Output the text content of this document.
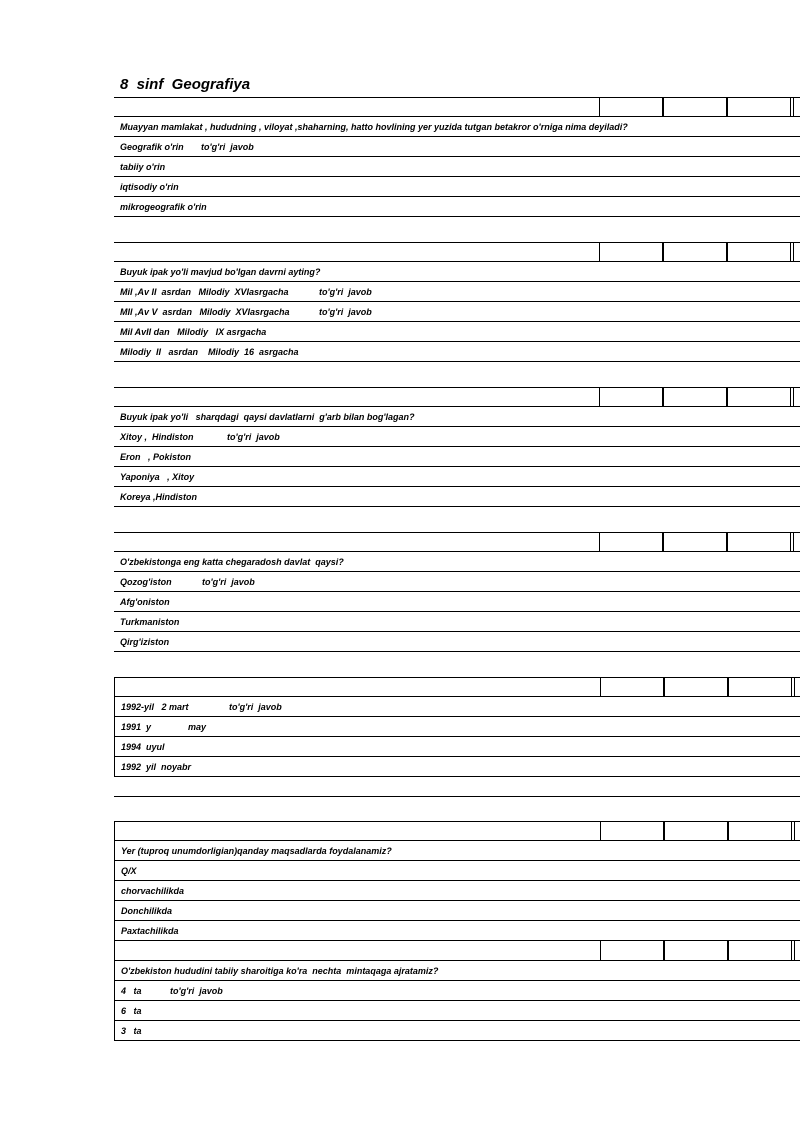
8  sinf  Geografiya

Muayyan mamlakat , hududning , viloyat ,shaharning, hatto hovlining yer yuzida tutgan betakror o'rniga nima deyiladi?
Geografik o'rin to'g'ri  javob
tabiiy o'rin
iqtisodiy o'rin
mikrogeografik o'rin

Buyuk ipak yo'li mavjud bo'lgan davrni ayting?
Mil ,Av II  asrdan   Milodiy  XVIasrgacha	to'g'ri  javob
MIl ,Av V  asrdan   Milodiy  XVIasrgacha	to'g'ri  javob
Mil AvII dan   Milodiy   IX asrgacha
Milodiy  II   asrdan    Milodiy  16  asrgacha

Buyuk ipak yo'li   sharqdagi  qaysi davlatlarni  g'arb bilan bog'lagan?
Xitoy ,  Hindiston	to'g'ri  javob
Eron   , Pokiston
Yaponiya   , Xitoy
Koreya ,Hindiston

O'zbekistonga eng katta chegaradosh davlat  qaysi?
Qozog'iston	to'g'ri  javob
Afg'oniston
Turkmaniston
Qirg'iziston

1992-yil   2 mart	to'g'ri  javob
1991  y	may
1994  uyul
1992  yil  noyabr

Yer (tuproq unumdorligian)qanday maqsadlarda foydalanamiz?
Q/X
chorvachilikda
Donchilikda
Paxtachilikda

O'zbekiston hududini tabiiy sharoitiga ko'ra  nechta  mintaqaga ajratamiz?
4   ta	to'g'ri  javob
6   ta
3   ta
